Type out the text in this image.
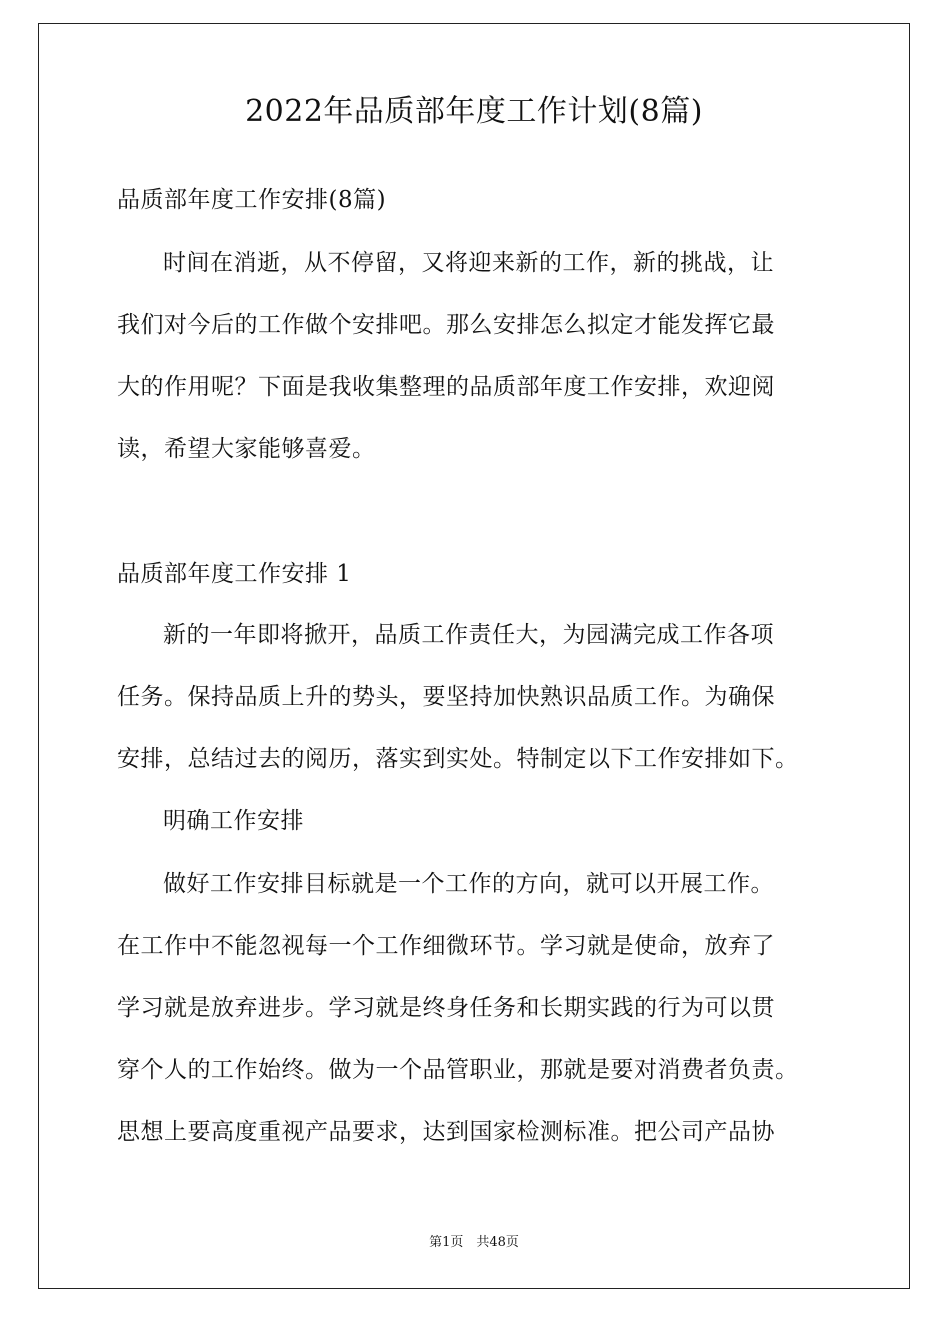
2022年品质部年度工作计划(8篇)
品质部年度工作安排(8篇)
时间在消逝，从不停留，又将迎来新的工作，新的挑战，让
我们对今后的工作做个安排吧。那么安排怎么拟定才能发挥它最
大的作用呢？下面是我收集整理的品质部年度工作安排，欢迎阅
读，希望大家能够喜爱。
品质部年度工作安排 1
新的一年即将掀开，品质工作责任大，为园满完成工作各项
任务。保持品质上升的势头，要坚持加快熟识品质工作。为确保
安排，总结过去的阅历，落实到实处。特制定以下工作安排如下。
明确工作安排
做好工作安排目标就是一个工作的方向，就可以开展工作。
在工作中不能忽视每一个工作细微环节。学习就是使命，放弃了
学习就是放弃进步。学习就是终身任务和长期实践的行为可以贯
穿个人的工作始终。做为一个品管职业，那就是要对消费者负责。
思想上要高度重视产品要求，达到国家检测标准。把公司产品协
第1页　共48页
